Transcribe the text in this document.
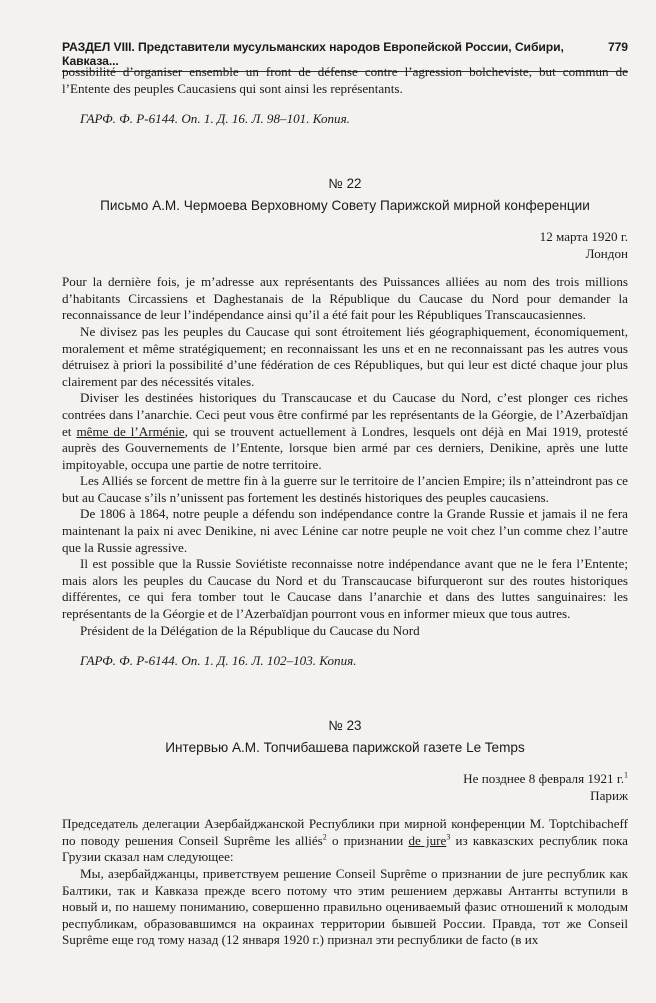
РАЗДЕЛ VIII. Представители мусульманских народов Европейской России, Сибири, Кавказа...
779

possibilité d’organiser ensemble un front de défense contre l’agression bolcheviste, but commun de l’Entente des peuples Caucasiens qui sont ainsi les représentants.

ГАРФ. Ф. Р-6144. Оп. 1. Д. 16. Л. 98–101. Копия.

№ 22
Письмо А.М. Чермоева Верховному Совету Парижской мирной конференции
12 марта 1920 г.
Лондон

Pour la dernière fois, je m’adresse aux représentants des Puissances alliées au nom des trois millions d’habitants Circassiens et Daghestanais de la République du Caucase du Nord pour demander la reconnaissance de leur l’indépendance ainsi qu’il a été fait pour les Républiques Transcaucasiennes.

Ne divisez pas les peuples du Caucase qui sont étroitement liés géographiquement, économiquement, moralement et même stratégiquement; en reconnaissant les uns et en ne reconnaissant pas les autres vous détruisez à priori la possibilité d’une fédération de ces Républiques, but qui leur est dicté chaque jour plus clairement par des nécessités vitales.

Diviser les destinées historiques du Transcaucase et du Caucase du Nord, c’est plonger ces riches contrées dans l’anarchie. Ceci peut vous être confirmé par les représentants de la Géorgie, de l’Azerbaïdjan et même de l’Arménie, qui se trouvent actuellement à Londres, lesquels ont déjà en Mai 1919, protesté auprès des Gouvernements de l’Entente, lorsque bien armé par ces derniers, Denikine, après une lutte impitoyable, occupa une partie de notre territoire.

Les Alliés se forcent de mettre fin à la guerre sur le territoire de l’ancien Empire; ils n’atteindront pas ce but au Caucase s’ils n’unissent pas fortement les destinés historiques des peuples caucasiens.

De 1806 à 1864, notre peuple a défendu son indépendance contre la Grande Russie et jamais il ne fera maintenant la paix ni avec Denikine, ni avec Lénine car notre peuple ne voit chez l’un comme chez l’autre que la Russie agressive.

Il est possible que la Russie Soviétiste reconnaisse notre indépendance avant que ne le fera l’Entente; mais alors les peuples du Caucase du Nord et du Transcaucase bifurqueront sur des routes historiques différentes, ce qui fera tomber tout le Caucase dans l’anarchie et dans des luttes sanguinaires: les représentants de la Géorgie et de l’Azerbaïdjan pourront vous en informer mieux que tous autres.

Président de la Délégation de la République du Caucase du Nord

ГАРФ. Ф. Р-6144. Оп. 1. Д. 16. Л. 102–103. Копия.

№ 23
Интервью А.М. Топчибашева парижской газете Le Temps
Не позднее 8 февраля 1921 г.$^1$
Париж

Председатель делегации Азербайджанской Республики при мирной конференции М. Toptchibacheff по поводу решения Conseil Suprême les alliés$^2$ о признании de jure$^3$ из кавказских республик пока Грузии сказал нам следующее:

Мы, азербайджанцы, приветствуем решение Conseil Suprême о признании de jure республик как Балтики, так и Кавказа прежде всего потому что этим решением державы Антанты вступили в новый и, по нашему пониманию, совершенно правильно оцениваемый фазис отношений к молодым республикам, образовавшимся на окраинах территории бывшей России. Правда, тот же Conseil Suprême еще год тому назад (12 января 1920 г.) признал эти республики de facto (в их
